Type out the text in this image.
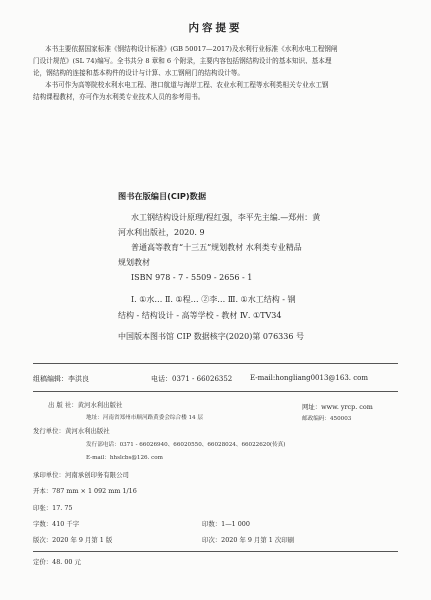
内容提要
本书主要依据国家标准《钢结构设计标准》(GB 50017—2017)及水利行业标准《水利水电工程钢闸
门设计规范》(SL 74)编写。全书共分 8 章和 6 个附录，主要内容包括钢结构设计的基本知识、基本理
论，钢结构的连接和基本构件的设计与计算、水工钢闸门的结构设计等。
本书可作为高等院校水利水电工程、港口航道与海岸工程、农业水利工程等水利类相关专业水工钢
结构课程教材，亦可作为水利类专业技术人员的参考用书。
图书在版编目(CIP)数据
水工钢结构设计原理/程红强，李平先主编.—郑州：黄
河水利出版社，2020. 9
普通高等教育“十三五”规划教材 水利类专业精品
规划教材
ISBN 978 - 7 - 5509 - 2656 - 1
Ⅰ. ①水… Ⅱ. ①程… ②李… Ⅲ. ①水工结构 - 钢
结构 - 结构设计 - 高等学校 - 教材 Ⅳ. ①TV34
中国版本图书馆 CIP 数据核字(2020)第 076336 号
组稿编辑：李洪良	电话：0371 - 66026352	E-mail:hongliang0013@163. com
出 版 社：黄河水利出版社	网址：www. yrcp. com
地址：河南省郑州市顺河路黄委会综合楼 14 层	邮政编码：450003
发行单位：黄河水利出版社
发行部电话：0371 - 66026940、66020550、66028024、66022620(传真)
E-mail：hhslcbs@126. com
承印单位：河南承创印务有限公司
开本：787 mm × 1 092 mm 1/16
印张：17. 75
字数：410 千字	印数：1—1 000
版次：2020 年 9 月第 1 版	印次：2020 年 9 月第 1 次印刷
定价：48. 00 元
